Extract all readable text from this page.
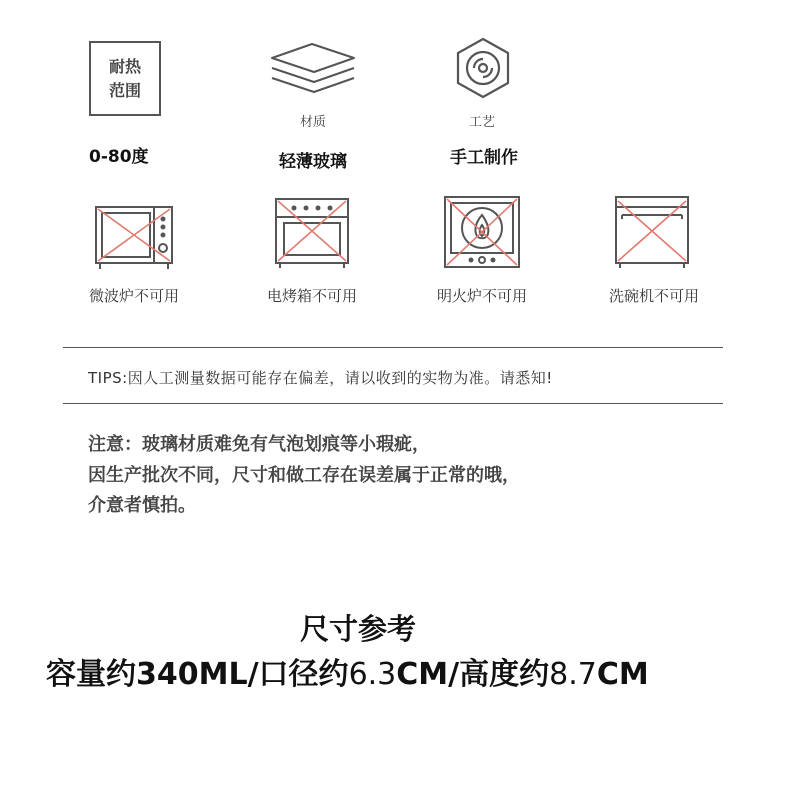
耐热
范围
0-80度
材质
轻薄玻璃
工艺
手工制作
微波炉不可用	电烤箱不可用	明火炉不可用	洗碗机不可用
TIPS:因人工测量数据可能存在偏差，请以收到的实物为准。请悉知!
注意：玻璃材质难免有气泡划痕等小瑕疵，
因生产批次不同，尺寸和做工存在误差属于正常的哦，
介意者慎拍。
尺寸参考
容量约340ML/口径约6.3CM/高度约8.7CM
